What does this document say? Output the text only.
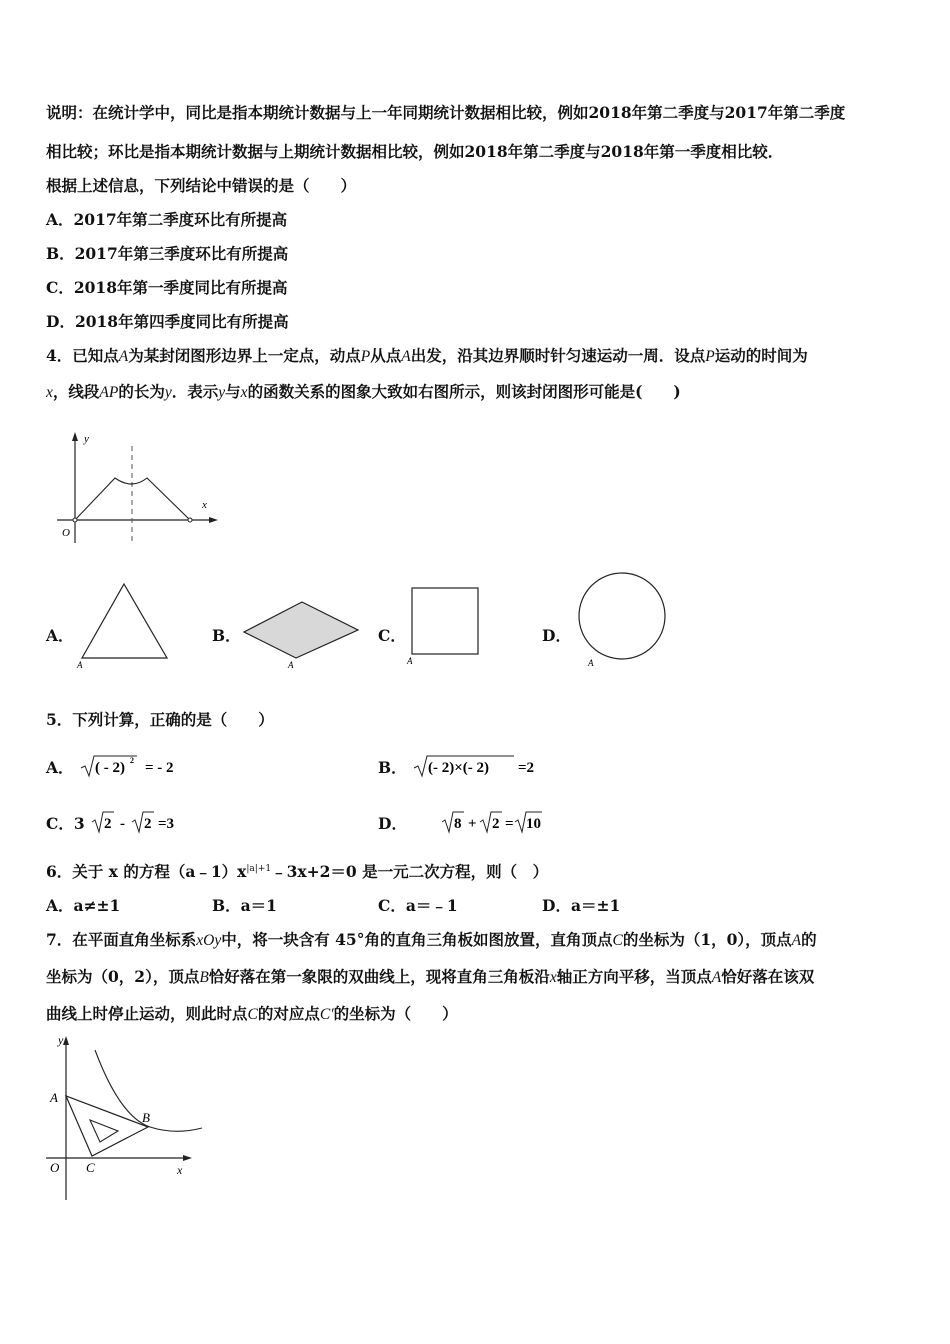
说明：在统计学中，同比是指本期统计数据与上一年同期统计数据相比较，例如2018年第二季度与2017年第二季度
相比较；环比是指本期统计数据与上期统计数据相比较，例如2018年第二季度与2018年第一季度相比较．
根据上述信息，下列结论中错误的是（　　）
A．2017年第二季度环比有所提高
B．2017年第三季度环比有所提高
C．2018年第一季度同比有所提高
D．2018年第四季度同比有所提高
4．已知点A为某封闭图形边界上一定点，动点P从点A出发，沿其边界顺时针匀速运动一周．设点P运动的时间为
x，线段AP的长为y．表示y与x的函数关系的图象大致如右图所示，则该封闭图形可能是(　　)
y
x
O
A．
A
B．
A
C．
A
D．
A
5．下列计算，正确的是（　　）
A． ( - 2) 2 = - 2	B． (- 2)×(- 2) =2
C．3 2 - 2 =3	D．	8 + 2 = 10
6．关于 x 的方程$(a﹣1)x^{|a|+1}﹣3x+2=0$ 是一元二次方程，则（　）
A．a≠±1	B．a＝1	C．a＝﹣1	D．a＝±1
7．在平面直角坐标系xOy中，将一块含有 45°角的直角三角板如图放置，直角顶点C的坐标为（1，0），顶点A的
坐标为（0，2），顶点B恰好落在第一象限的双曲线上，现将直角三角板沿x轴正方向平移，当顶点A恰好落在该双
曲线上时停止运动，则此时点C的对应点C′的坐标为（　　）
A
B
C
O
y
x
